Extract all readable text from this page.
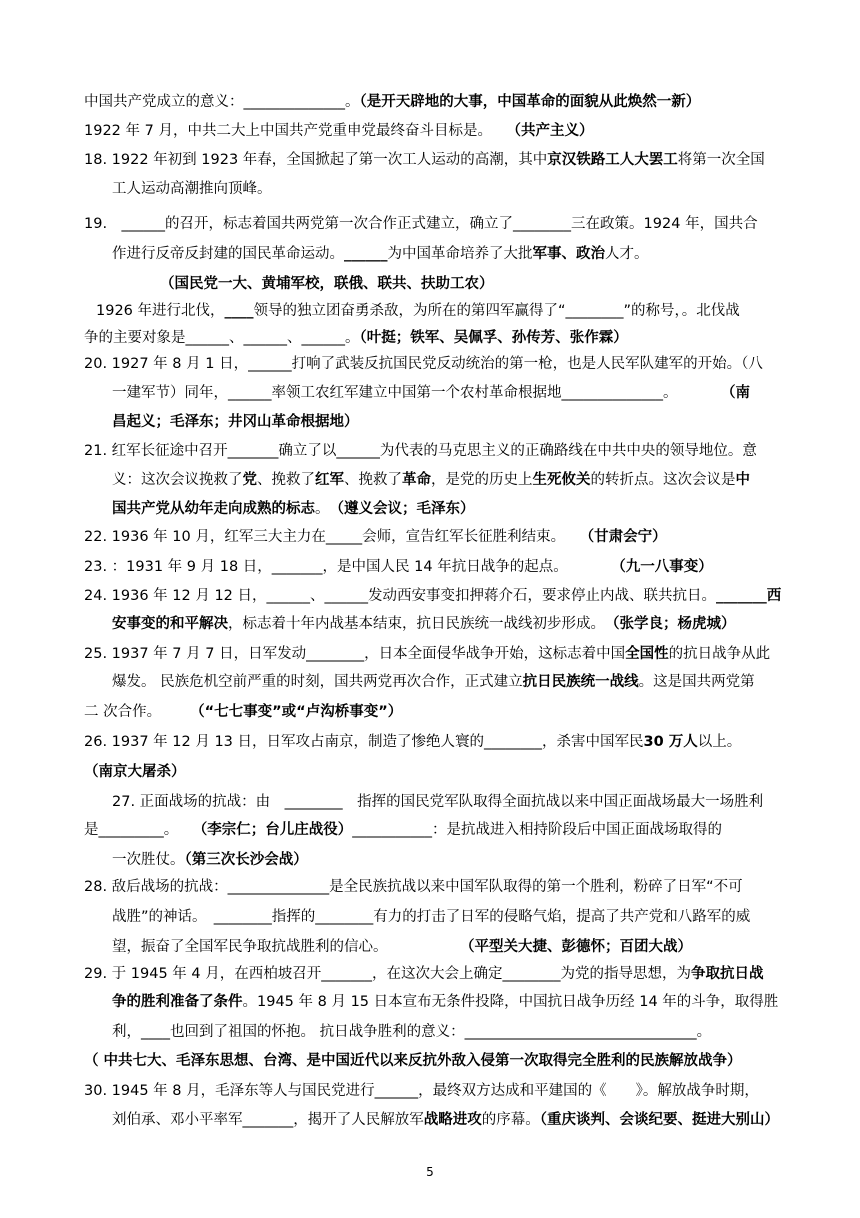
中国共产党成立的意义：______________。（是开天辟地的大事，中国革命的面貌从此焕然一新）
1922 年 7 月，中共二大上中国共产党重申党最终奋斗目标是。　　（共产主义）
18. 1922 年初到 1923 年春，全国掀起了第一次工人运动的高潮，其中京汉铁路工人大罢工将第一次全国
工人运动高潮推向顶峰。
19.　______的召开，标志着国共两党第一次合作正式建立，确立了________三在政策。1924 年，国共合
作进行反帝反封建的国民革命运动。______为中国革命培养了大批军事、政治人才。
（国民党一大、黄埔军校，联俄、联共、扶助工农）
1926 年进行北伐，____领导的独立团奋勇杀敌，为所在的第四军赢得了“________”的称号，。北伐战
争的主要对象是______、______、______。（叶挺；铁军、吴佩孚、孙传芳、张作霖）
20. 1927 年 8 月 1 日，______打响了武装反抗国民党反动统治的第一枪，也是人民军队建军的开始。（八
一建军节）同年，______率领工农红军建立中国第一个农村革命根据地______________。　　　　（南
昌起义；毛泽东；井冈山革命根据地）
21. 红军长征途中召开_______确立了以______为代表的马克思主义的正确路线在中共中央的领导地位。意
义：这次会议挽救了党、挽救了红军、挽救了革命，是党的历史上生死攸关的转折点。这次会议是中
国共产党从幼年走向成熟的标志。　（遵义会议；毛泽东）
22. 1936 年 10 月，红军三大主力在_____会师，宣告红军长征胜利结束。　　（甘肃会宁）
23. ：1931 年 9 月 18 日，_______，是中国人民 14 年抗日战争的起点。　　　　（九一八事变）
24. 1936 年 12 月 12 日，______、______发动西安事变扣押蒋介石，要求停止内战、联共抗日。_______西
安事变的和平解决，标志着十年内战基本结束，抗日民族统一战线初步形成。　（张学良；杨虎城）
25. 1937 年 7 月 7 日，日军发动________，日本全面侵华战争开始，这标志着中国全国性的抗日战争从此
爆发。 民族危机空前严重的时刻，国共两党再次合作，正式建立抗日民族统一战线。这是国共两党第
二 次合作。　　　（“七七事变”或“卢沟桥事变”）
26. 1937 年 12 月 13 日，日军攻占南京，制造了惨绝人寰的________，杀害中国军民30 万人以上。
（南京大屠杀）
27. 正面战场的抗战：由　________　指挥的国民党军队取得全面抗战以来中国正面战场最大一场胜利
是_________。　　（李宗仁；台儿庄战役）___________：是抗战进入相持阶段后中国正面战场取得的
一次胜仗。（第三次长沙会战）
28. 敌后战场的抗战：______________是全民族抗战以来中国军队取得的第一个胜利，粉碎了日军“不可
战胜”的神话。　________指挥的________有力的打击了日军的侵略气焰，提高了共产党和八路军的威
望，振奋了全国军民争取抗战胜利的信心。　　　　　　（平型关大捷、彭德怀；百团大战）
29. 于 1945 年 4 月，在西柏坡召开_______，在这次大会上确定________为党的指导思想，为争取抗日战
争的胜利准备了条件。1945 年 8 月 15 日本宣布无条件投降，中国抗日战争历经 14 年的斗争，取得胜
利，____也回到了祖国的怀抱。 抗日战争胜利的意义：________________________________。
（ 中共七大、毛泽东思想、台湾、是中国近代以来反抗外敌入侵第一次取得完全胜利的民族解放战争）
30. 1945 年 8 月，毛泽东等人与国民党进行______，最终双方达成和平建国的《　　》。解放战争时期，
刘伯承、邓小平率军_______，揭开了人民解放军战略进攻的序幕。（重庆谈判、会谈纪要、挺进大别山）
5
